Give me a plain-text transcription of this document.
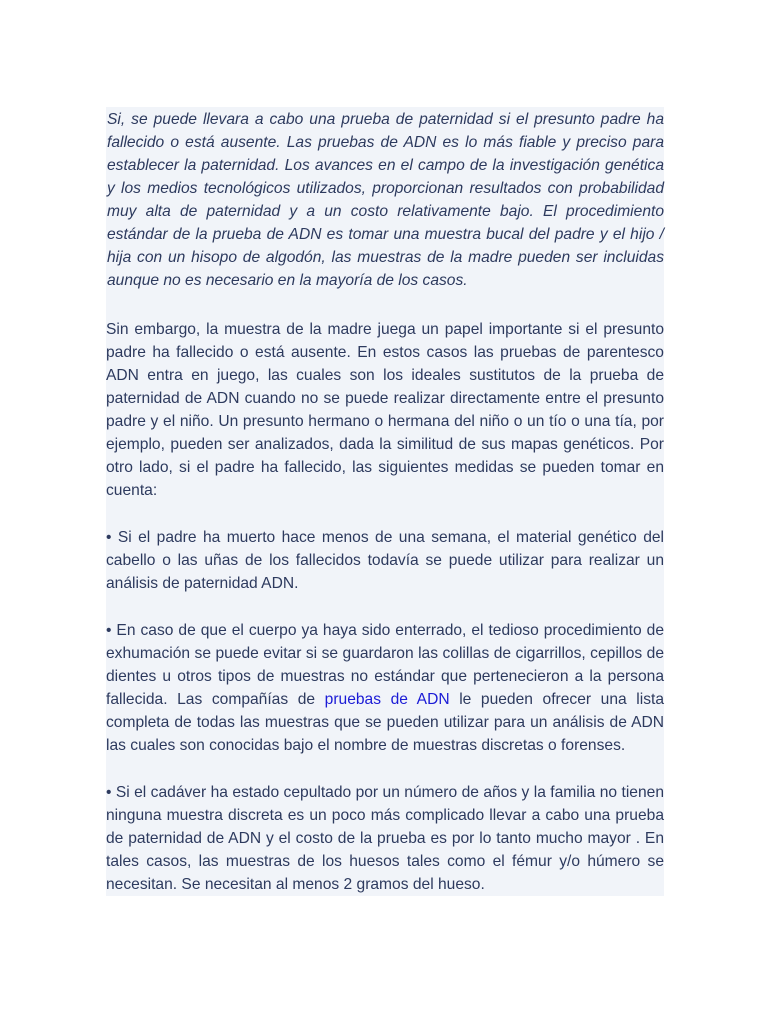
Si, se puede llevara a cabo una prueba de paternidad si el presunto padre ha fallecido o está ausente. Las pruebas de ADN es lo más fiable y preciso para establecer la paternidad. Los avances en el campo de la investigación genética y los medios tecnológicos utilizados, proporcionan resultados con probabilidad muy alta de paternidad y a un costo relativamente bajo. El procedimiento estándar de la prueba de ADN es tomar una muestra bucal del padre y el hijo / hija con un hisopo de algodón, las muestras de la madre pueden ser incluidas aunque no es necesario en la mayoría de los casos.

Sin embargo, la muestra de la madre juega un papel importante si el presunto padre ha fallecido o está ausente. En estos casos las pruebas de parentesco ADN entra en juego, las cuales son los ideales sustitutos de la prueba de paternidad de ADN cuando no se puede realizar directamente entre el presunto padre y el niño. Un presunto hermano o hermana del niño o un tío o una tía, por ejemplo, pueden ser analizados, dada la similitud de sus mapas genéticos. Por otro lado, si el padre ha fallecido, las siguientes medidas se pueden tomar en cuenta:

• Si el padre ha muerto hace menos de una semana, el material genético del cabello o las uñas de los fallecidos todavía se puede utilizar para realizar un análisis de paternidad ADN.

• En caso de que el cuerpo ya haya sido enterrado, el tedioso procedimiento de exhumación se puede evitar si se guardaron las colillas de cigarrillos, cepillos de dientes u otros tipos de muestras no estándar que pertenecieron a la persona fallecida. Las compañías de pruebas de ADN le pueden ofrecer una lista completa de todas las muestras que se pueden utilizar para un análisis de ADN las cuales son conocidas bajo el nombre de muestras discretas o forenses.

• Si el cadáver ha estado cepultado por un número de años y la familia no tienen ninguna muestra discreta es un poco más complicado llevar a cabo una prueba de paternidad de ADN y el costo de la prueba es por lo tanto mucho mayor . En tales casos, las muestras de los huesos tales como el fémur y/o húmero se necesitan. Se necesitan al menos 2 gramos del hueso.
